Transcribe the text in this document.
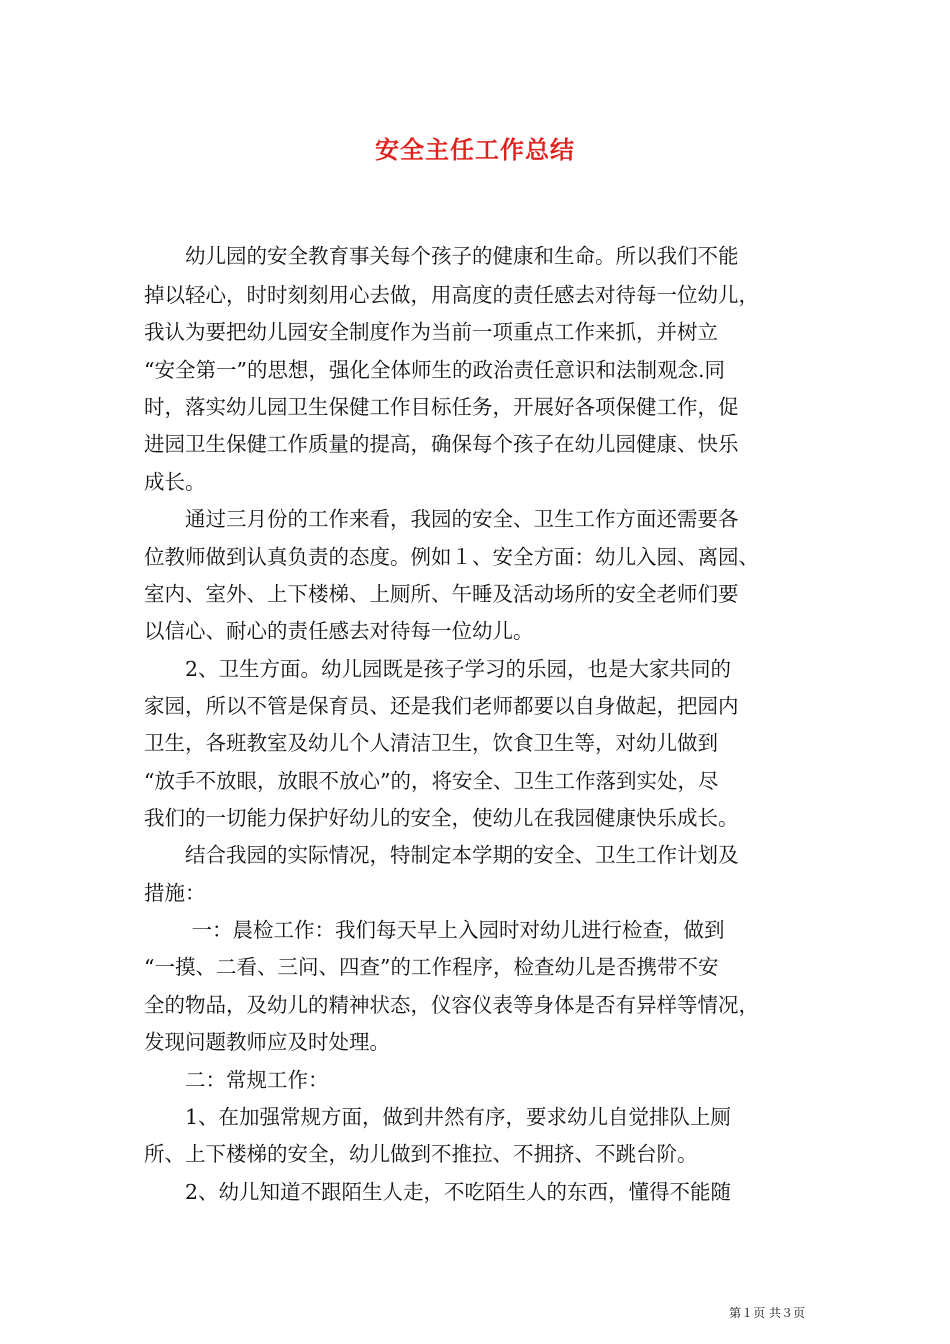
安全主任工作总结
　　幼儿园的安全教育事关每个孩子的健康和生命。所以我们不能
掉以轻心，时时刻刻用心去做，用高度的责任感去对待每一位幼儿，
我认为要把幼儿园安全制度作为当前一项重点工作来抓，并树立
“安全第一”的思想，强化全体师生的政治责任意识和法制观念.同
时，落实幼儿园卫生保健工作目标任务，开展好各项保健工作，促
进园卫生保健工作质量的提高，确保每个孩子在幼儿园健康、快乐
成长。
　　通过三月份的工作来看，我园的安全、卫生工作方面还需要各
位教师做到认真负责的态度。例如１、安全方面：幼儿入园、离园、
室内、室外、上下楼梯、上厕所、午睡及活动场所的安全老师们要
以信心、耐心的责任感去对待每一位幼儿。
　　2、卫生方面。幼儿园既是孩子学习的乐园，也是大家共同的
家园，所以不管是保育员、还是我们老师都要以自身做起，把园内
卫生，各班教室及幼儿个人清洁卫生，饮食卫生等，对幼儿做到
“放手不放眼，放眼不放心”的，将安全、卫生工作落到实处，尽
我们的一切能力保护好幼儿的安全，使幼儿在我园健康快乐成长。
　　结合我园的实际情况，特制定本学期的安全、卫生工作计划及
措施：
　　 一：晨检工作：我们每天早上入园时对幼儿进行检查，做到
“一摸、二看、三问、四查”的工作程序，检查幼儿是否携带不安
全的物品，及幼儿的精神状态，仪容仪表等身体是否有异样等情况，
发现问题教师应及时处理。
　　二：常规工作：
　　1、在加强常规方面，做到井然有序，要求幼儿自觉排队上厕
所、上下楼梯的安全，幼儿做到不推拉、不拥挤、不跳台阶。
　　2、幼儿知道不跟陌生人走，不吃陌生人的东西，懂得不能随
第１页 共３页
